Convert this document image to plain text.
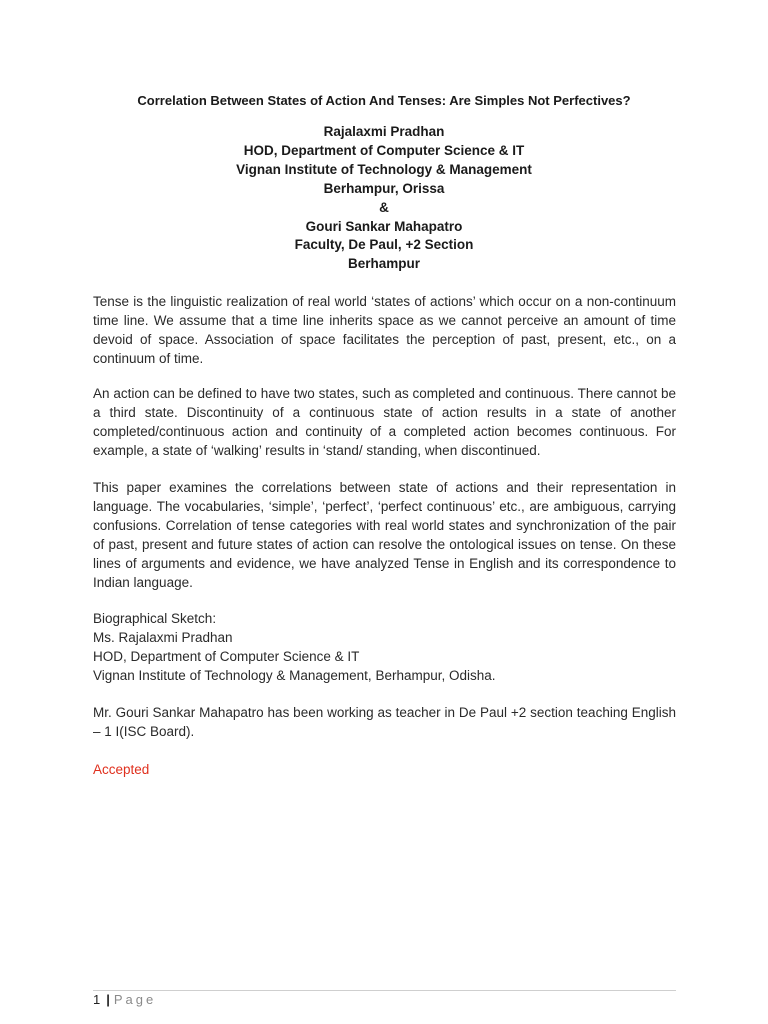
Correlation Between States of Action And Tenses: Are Simples Not Perfectives?
Rajalaxmi Pradhan
HOD, Department of Computer Science & IT
Vignan Institute of Technology & Management
Berhampur, Orissa
&
Gouri Sankar Mahapatro
Faculty, De Paul, +2 Section
Berhampur
Tense is the linguistic realization of real world ‘states of actions’ which occur on a non-continuum time line. We assume that a time line inherits space as we cannot perceive an amount of time devoid of space. Association of space facilitates the perception of past, present, etc., on a continuum of time.
An action can be defined to have two states, such as completed and continuous. There cannot be a third state. Discontinuity of a continuous state of action results in a state of another completed/continuous action and continuity of a completed action becomes continuous. For example, a state of ‘walking’ results in ‘stand/ standing, when discontinued.
This paper examines the correlations between state of actions and their representation in language. The vocabularies, ‘simple’, ‘perfect’, ‘perfect continuous’ etc., are ambiguous, carrying confusions. Correlation of tense categories with real world states and synchronization of the pair of past, present and future states of action can resolve the ontological issues on tense. On these lines of arguments and evidence, we have analyzed Tense in English and its correspondence to Indian language.
Biographical Sketch:
Ms. Rajalaxmi Pradhan
HOD, Department of Computer Science & IT
Vignan Institute of Technology & Management, Berhampur, Odisha.
Mr. Gouri Sankar Mahapatro has been working as teacher in De Paul +2 section teaching English – 1 I(ISC Board).
Accepted
1 | Page
